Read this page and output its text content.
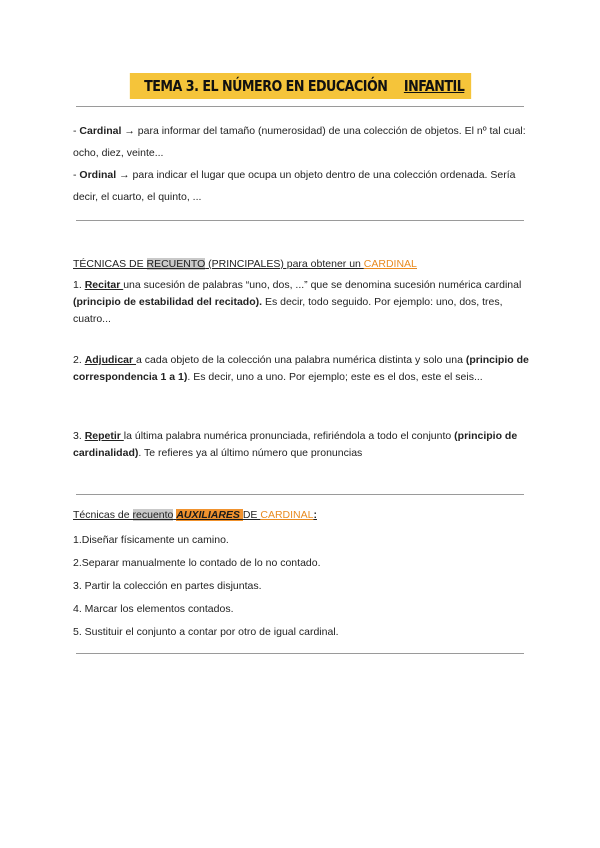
TEMA 3. EL NÚMERO EN EDUCACIÓNINFANTIL

- Cardinal → para informar del tamaño (numerosidad) de una colección de objetos. El nº tal cual: ocho, diez, veinte...

- Ordinal → para indicar el lugar que ocupa un objeto dentro de una colección ordenada. Sería decir, el cuarto, el quinto, ...

TÉCNICAS DE RECUENTO (PRINCIPALES) para obtener un CARDINAL

1. Recitar una sucesión de palabras “uno, dos, ...” que se denomina sucesión numérica cardinal (principio de estabilidad del recitado). Es decir, todo seguido. Por ejemplo: uno, dos, tres, cuatro...

2. Adjudicar a cada objeto de la colección una palabra numérica distinta y solo una (principio de correspondencia 1 a 1). Es decir, uno a uno. Por ejemplo; este es el dos, este el seis...

3. Repetir la última palabra numérica pronunciada, refiriéndola a todo el conjunto (principio de cardinalidad). Te refieres ya al último número que pronuncias

Técnicas de recuento AUXILIARES DE CARDINAL:

1.Diseñar físicamente un camino.

2.Separar manualmente lo contado de lo no contado.

3. Partir la colección en partes disjuntas.

4. Marcar los elementos contados.

5. Sustituir el conjunto a contar por otro de igual cardinal.
